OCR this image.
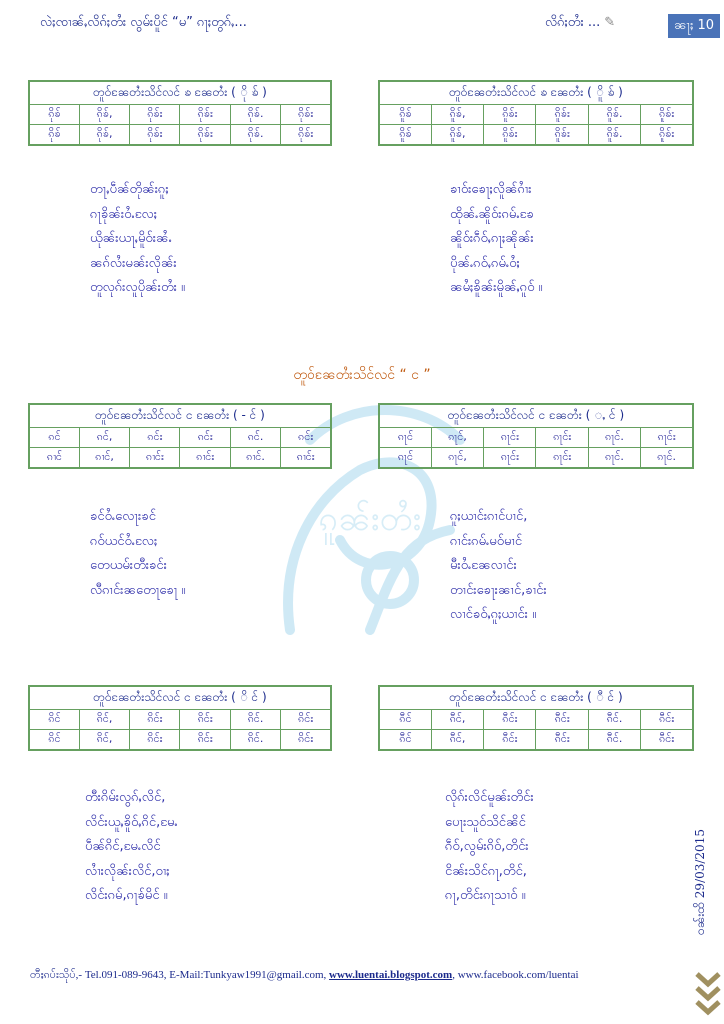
လဲႈၸၢၼ်ႇလိၵ်ႈတႆး လွမ်းပိူင် “မ” ၵႃႈတွၵ်ႇ...	လိၵ်ႈတႆး ... ✎	ၼႃႈ 10
ၵူၼ်းတႆး
တူဝ်ၼႄတႆးသိင်လင် ၶ ၼႄတႆး ( ို ၶ် )					
ၵိုၶ်	ၵိုၶ်,	ၵိုၶ်း	ၵိုၶ်း	ၵိုၶ်.	ၵိုၶ်း
ၵိုၶ်	ၵိုၶ်,	ၵိုၶ်း	ၵိုၶ်း	ၵိုၶ်.	ၵိုၶ်း
တူဝ်ၼႄတႆးသိင်လင် ၶ ၼႄတႆး ( ိူ ၶ် )					
ၵိူၶ်	ၵိူၶ်,	ၵိူၶ်း	ၵိူၶ်း	ၵိူၶ်.	ၵိူၶ်း
ၵိူၶ်	ၵိူၶ်,	ၵိူၶ်း	ၵိူၶ်း	ၵိူၶ်.	ၵိူၶ်း
တႃႇပဵၼ်တိုၼ်းၵူႈ
ၵႃၶိုၼ်းဝႆႉလႄႈ
ယိုၼ်းယႃႇမိူဝ်းၼႆႉ
ၼၵ်လႆးမၼ်းလိုၼ်း
တူလုၵ်းလူပိုၼ်းတႆး ။
ၶၢဝ်းၶေႃႈလိူၼ်ၵၢႆး
ထိုၼ်ႉၼိူဝ်းၵမ်ႉၶႄ
ၼိူဝ်းၵဵဝ်ႇၵႃႈၼိုၼ်း
ပိုၼ်ႉၵဝ်ႇၵမ်ႉဝႆႈ
ၼမႆႈၶိူၼ်းမိူၼ်ႇၵူဝ် ။
တူဝ်ၼႄတႆးသိင်လင် “ င ”
တူဝ်ၼႄတႆးသိင်လင် င ၼႄတႆး ( - င် )					
ၵင်	ၵင်,	ၵင်း	ၵင်း	ၵင်.	ၵင်း
ၵၢင်	ၵၢင်,	ၵၢင်း	ၵၢင်း	ၵၢင်.	ၵၢင်း
တူဝ်ၼႄတႆးသိင်လင် င ၼႄတႆး ( ႇ င် )					
ၵႃင်	ၵႃင်,	ၵႃင်း	ၵႃင်း	ၵႃင်.	ၵႃင်း
ၵႃင်	ၵႃင်,	ၵႃင်း	ၵႃင်း	ၵႃင်.	ၵႃင်.
ၶင်ဝႆႉလေႃးၶင်
ၵဝ်ယင်ဝႆႉလႄႈ
တေယမ်းတီးၶင်း
လီၵၢင်းၼတေႃၶေႃ ။
ၵူႈယၢင်းၵၢင်ပၢင်,
ၵၢင်းၵမ်ႉမဝ်မၢင်
မီးဝႆႉၼႄလၢင်း
တၢင်းၶေႃးၼၢင်,ၶၢင်း
လၢင်ၶဝ်ႇၵူႈယၢင်း ။
တူဝ်ၼႄတႆးသိင်လင် င ၼႄတႆး ( ိ င် )					
ၵိင်	ၵိင်,	ၵိင်း	ၵိင်း	ၵိင်.	ၵိင်း
ၵိင်	ၵိင်,	ၵိင်း	ၵိင်း	ၵိင်.	ၵိင်း
တူဝ်ၼႄတႆးသိင်လင် င ၼႄတႆး ( ီ င် )					
ၵီင်	ၵီင်,	ၵီင်း	ၵီင်း	ၵီင်.	ၵီင်း
ၵီင်	ၵီင်,	ၵီင်း	ၵီင်း	ၵီင်.	ၵီင်း
တီးၵိမ်းလွၵ်ႇလိင်,
လိင်းယူႇၶိူဝ်ႇၵိင်,မႄႉ
ပဵၼ်ၵိင်,မႄႉလိင်
လၢႆးလိုၼ်းလိင်,ဝၢႈ
လိင်းၵမ်,ၵႃၶ်မိင် ။
လိုၵ်းလိင်မူၼ်းတိင်း
ပေႃးသူဝ်သိင်ၼိင်
ၵဵဝ်,လွမ်းၵိဝ်,တိင်း
ငိၼ်းသိင်ၵႃ,တိင်,
ၵႃ,တိင်းၵႃသၢဝ် ။	ဝၼ်းထိ 29/03/2015
တီႈၵပ်းသိုပ်,- Tel.091-089-9643, E-Mail:Tunkyaw1991@gmail.com, www.luentai.blogspot.com, www.facebook.com/luentai
